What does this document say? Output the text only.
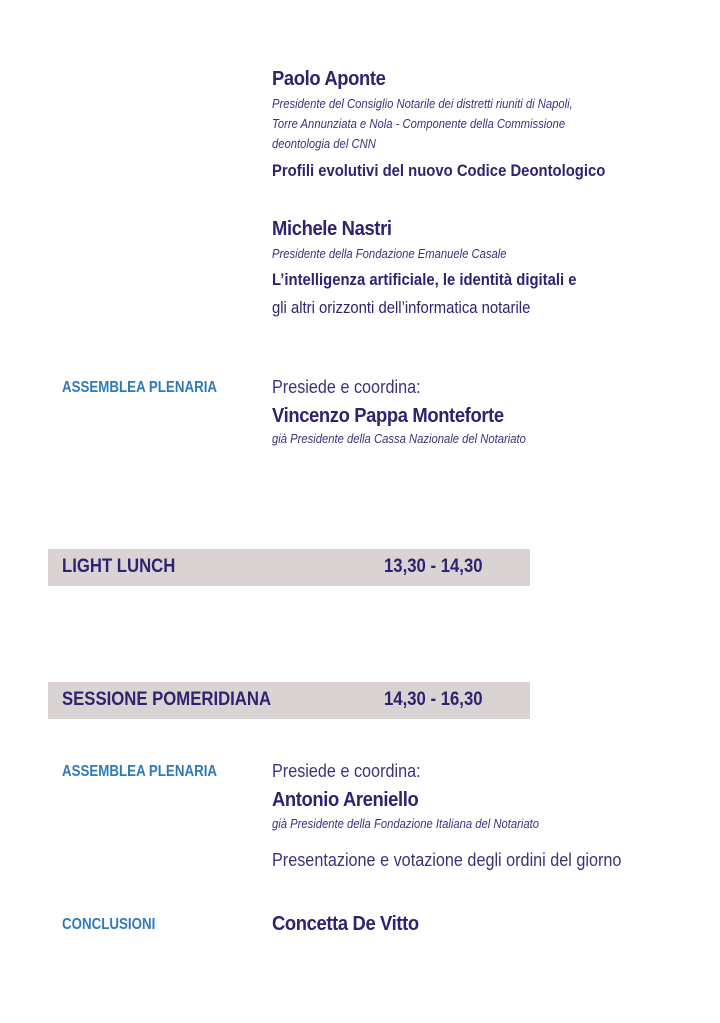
Paolo Aponte
Presidente del Consiglio Notarile dei distretti riuniti di Napoli,
Torre Annunziata e Nola - Componente della Commissione
deontologia del CNN
Profili evolutivi del nuovo Codice Deontologico
Michele Nastri
Presidente della Fondazione Emanuele Casale
L’intelligenza artificiale, le identità digitali e
gli altri orizzonti dell’informatica notarile
ASSEMBLEA PLENARIA	Presiede e coordina:
Vincenzo Pappa Monteforte
già Presidente della Cassa Nazionale del Notariato
LIGHT LUNCH	13,30 - 14,30
SESSIONE POMERIDIANA	14,30 - 16,30
ASSEMBLEA PLENARIA	Presiede e coordina:
Antonio Areniello
già Presidente della Fondazione Italiana del Notariato
Presentazione e votazione degli ordini del giorno
CONCLUSIONI	Concetta De Vitto
